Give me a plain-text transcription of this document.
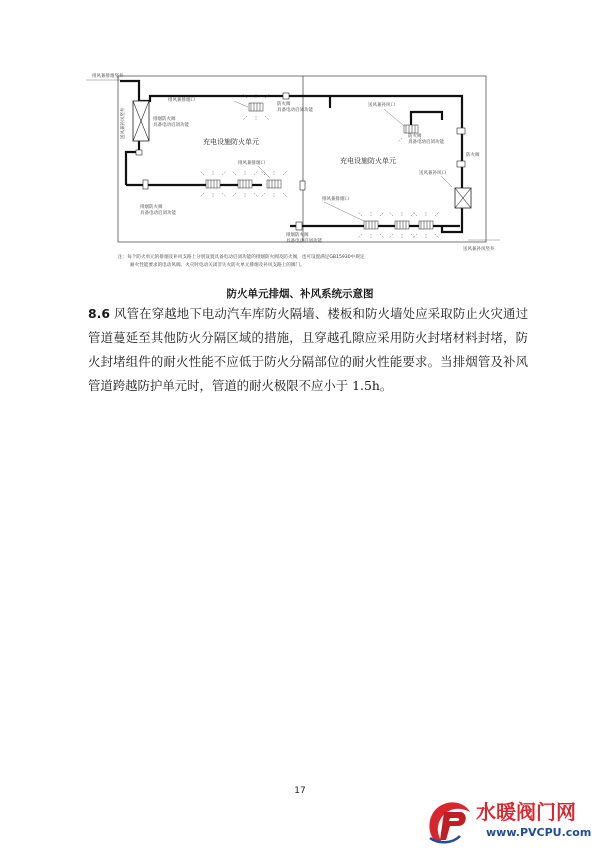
排风兼排烟竖井
送风兼补风竖井
送风兼补风竖井
排风兼排烟口
排烟防火阀
具备电动启闭功能
排烟防火阀
具备电动启闭功能
防火阀
具备电动启闭功能
防火阀
具备电动启闭功能
送风兼补风口
送风兼补风口
排风兼排烟口
排风兼排烟口
排烟防火阀
具备电动启闭功能
防火阀
充电设施防火单元
充电设施防火单元
注：每个防火单元的排烟及补风支路上分别设置具备电动启闭功能的排烟防火阀及防火阀，也可设置满足GB15930中规定
耐火性能要求的电动风阀。火灾时电动关闭非失火防火单元排烟及补风支路上的阀门。
防火单元排烟、补风系统示意图
8.6 风管在穿越地下电动汽车库防火隔墙、楼板和防火墙处应采取防止火灾通过管道蔓延至其他防火分隔区域的措施，且穿越孔隙应采用防火封堵材料封堵，防火封堵组件的耐火性能不应低于防火分隔部位的耐火性能要求。当排烟管及补风管道跨越防护单元时，管道的耐火极限不应小于 1.5h。
17
水暖阀门网
www.PVCPU.com
